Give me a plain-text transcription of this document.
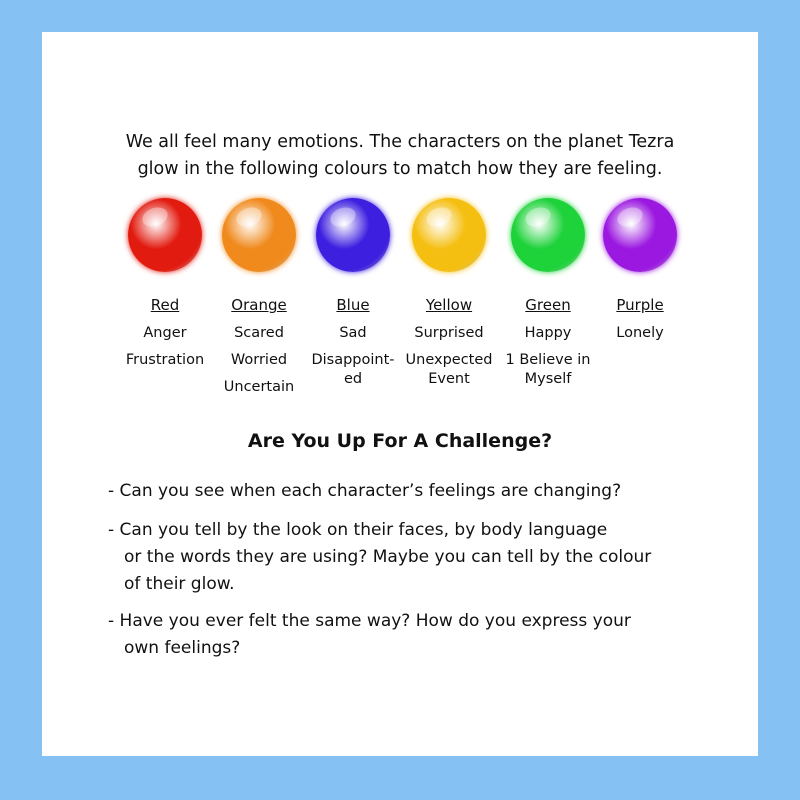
We all feel many emotions. The characters on the planet Tezra
glow in the following colours to match how they are feeling.
Red
Anger
Frustration
Orange
Scared
Worried
Uncertain
Blue
Sad
Disappoint-
ed
Yellow
Surprised
Unexpected
Event
Green
Happy
1 Believe in
Myself
Purple
Lonely
Are You Up For A Challenge?
- Can you see when each character’s feelings are changing?
- Can you tell by the look on their faces, by body language
or the words they are using? Maybe you can tell by the colour
of their glow.
- Have you ever felt the same way? How do you express your
own feelings?
